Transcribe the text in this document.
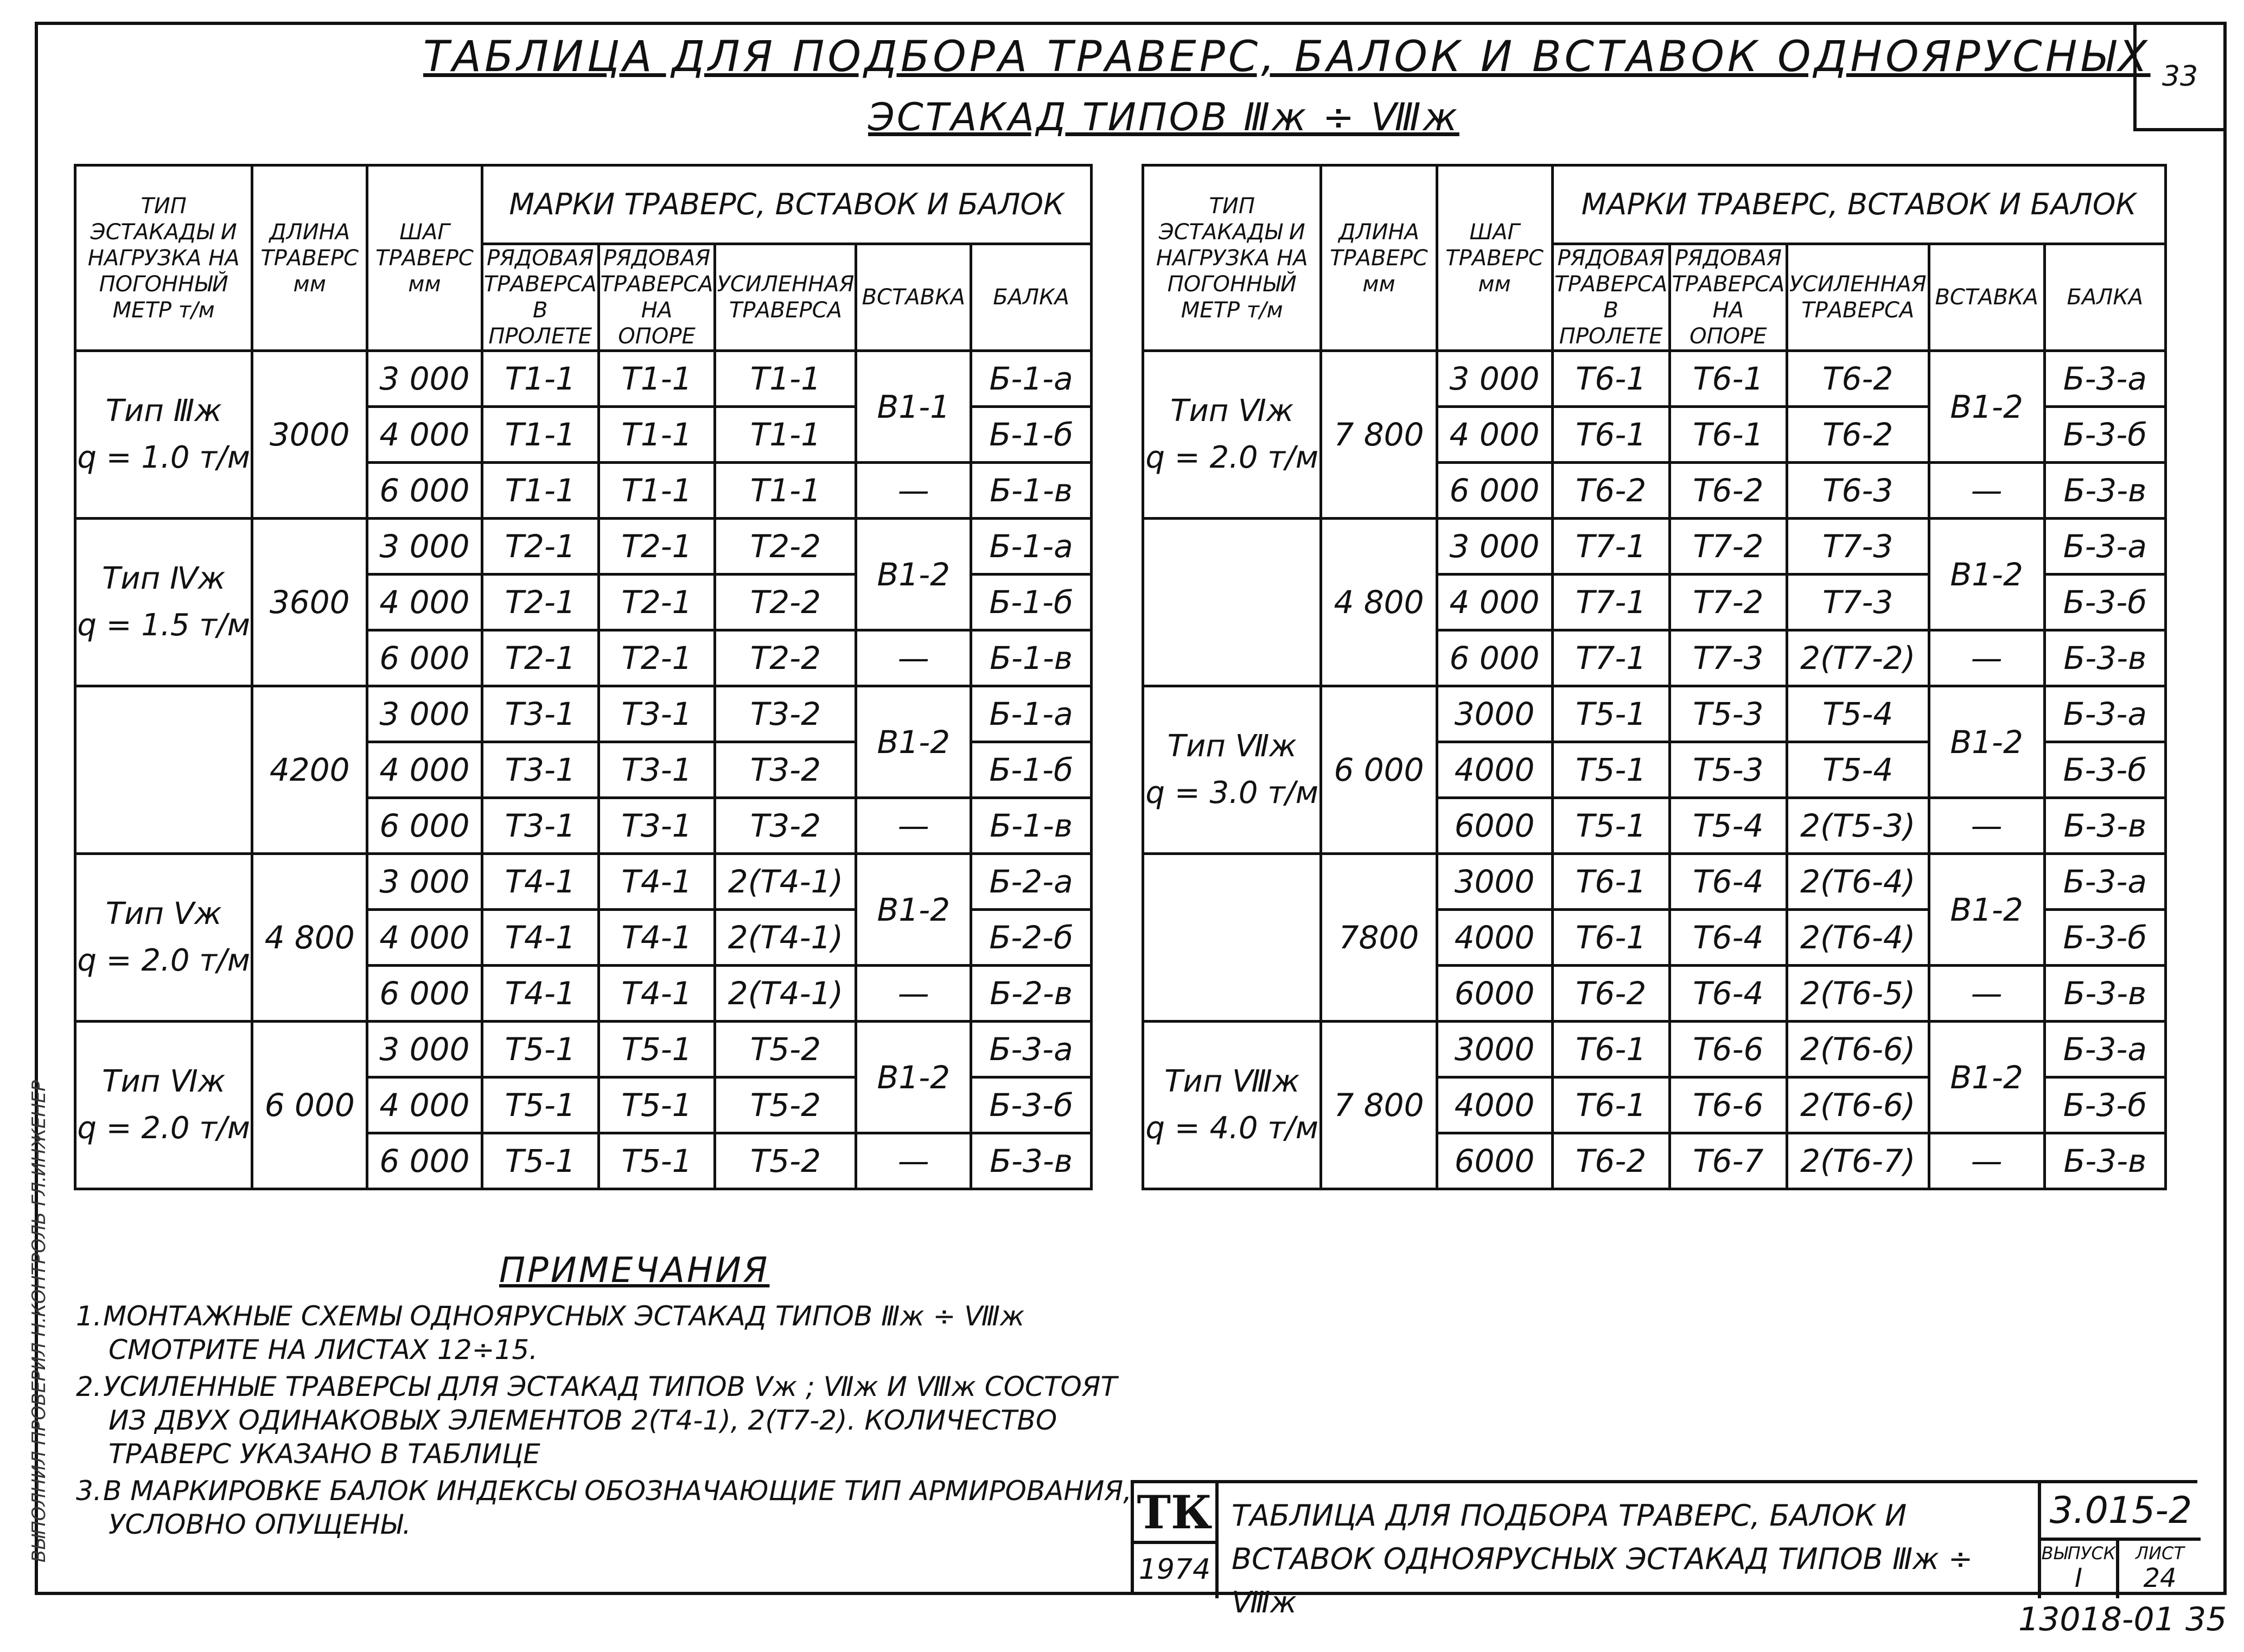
33
ВЫПОЛНИЛ ПРОВЕРИЛ Н.КОНТРОЛЬ ГЛ.ИНЖЕНЕР
ТАБЛИЦА ДЛЯ ПОДБОРА ТРАВЕРС, БАЛОК И ВСТАВОК ОДНОЯРУСНЫХ
ЭСТАКАД ТИПОВ Ⅲж ÷ Ⅷж
ТИП ЭСТАКАДЫ И НАГРУЗКА НА ПОГОННЫЙ МЕТР т/м	ДЛИНА ТРАВЕРС мм	ШАГ ТРАВЕРС мм	МАРКИ ТРАВЕРС, ВСТАВОК И БАЛОК				
			РЯДОВАЯ ТРАВЕРСА В ПРОЛЕТЕ	РЯДОВАЯ ТРАВЕРСА НА ОПОРЕ	УСИЛЕННАЯ ТРАВЕРСА	ВСТАВКА	БАЛКА

Тип Ⅲж
q = 1.0 т/м	3000	3 000	Т1-1	Т1-1	Т1-1	В1-1	Б-1-а
		4 000	Т1-1	Т1-1	Т1-1		Б-1-б
		6 000	Т1-1	Т1-1	Т1-1	—	Б-1-в

Тип Ⅳж
q = 1.5 т/м	3600	3 000	Т2-1	Т2-1	Т2-2	В1-2	Б-1-а
		4 000	Т2-1	Т2-1	Т2-2		Б-1-б
		6 000	Т2-1	Т2-1	Т2-2	—	Б-1-в

	4200	3 000	Т3-1	Т3-1	Т3-2	В1-2	Б-1-а
		4 000	Т3-1	Т3-1	Т3-2		Б-1-б
		6 000	Т3-1	Т3-1	Т3-2	—	Б-1-в

Тип Ⅴж
q = 2.0 т/м	4 800	3 000	Т4-1	Т4-1	2(Т4-1)	В1-2	Б-2-а
		4 000	Т4-1	Т4-1	2(Т4-1)		Б-2-б
		6 000	Т4-1	Т4-1	2(Т4-1)	—	Б-2-в

Тип Ⅵж
q = 2.0 т/м	6 000	3 000	Т5-1	Т5-1	Т5-2	В1-2	Б-3-а
		4 000	Т5-1	Т5-1	Т5-2		Б-3-б
		6 000	Т5-1	Т5-1	Т5-2	—	Б-3-в
ТИП ЭСТАКАДЫ И НАГРУЗКА НА ПОГОННЫЙ МЕТР т/м	ДЛИНА ТРАВЕРС мм	ШАГ ТРАВЕРС мм	МАРКИ ТРАВЕРС, ВСТАВОК И БАЛОК				
			РЯДОВАЯ ТРАВЕРСА В ПРОЛЕТЕ	РЯДОВАЯ ТРАВЕРСА НА ОПОРЕ	УСИЛЕННАЯ ТРАВЕРСА	ВСТАВКА	БАЛКА

Тип Ⅵж
q = 2.0 т/м	7 800	3 000	Т6-1	Т6-1	Т6-2	В1-2	Б-3-а
		4 000	Т6-1	Т6-1	Т6-2		Б-3-б
		6 000	Т6-2	Т6-2	Т6-3	—	Б-3-в

	4 800	3 000	Т7-1	Т7-2	Т7-3	В1-2	Б-3-а
		4 000	Т7-1	Т7-2	Т7-3		Б-3-б
		6 000	Т7-1	Т7-3	2(Т7-2)	—	Б-3-в

Тип Ⅶж
q = 3.0 т/м	6 000	3000	Т5-1	Т5-3	Т5-4	В1-2	Б-3-а
		4000	Т5-1	Т5-3	Т5-4		Б-3-б
		6000	Т5-1	Т5-4	2(Т5-3)	—	Б-3-в

	7800	3000	Т6-1	Т6-4	2(Т6-4)	В1-2	Б-3-а
		4000	Т6-1	Т6-4	2(Т6-4)		Б-3-б
		6000	Т6-2	Т6-4	2(Т6-5)	—	Б-3-в

Тип Ⅷж
q = 4.0 т/м	7 800	3000	Т6-1	Т6-6	2(Т6-6)	В1-2	Б-3-а
		4000	Т6-1	Т6-6	2(Т6-6)		Б-3-б
		6000	Т6-2	Т6-7	2(Т6-7)	—	Б-3-в
ПРИМЕЧАНИЯ
1.МОНТАЖНЫЕ СХЕМЫ ОДНОЯРУСНЫХ ЭСТАКАД ТИПОВ Ⅲж ÷ Ⅷж СМОТРИТЕ НА ЛИСТАХ 12÷15.
2.УСИЛЕННЫЕ ТРАВЕРСЫ ДЛЯ ЭСТАКАД ТИПОВ Ⅴж ; Ⅶж И Ⅷж СОСТОЯТ ИЗ ДВУХ ОДИНАКОВЫХ ЭЛЕМЕНТОВ 2(Т4-1), 2(Т7-2). КОЛИЧЕСТВО ТРАВЕРС УКАЗАНО В ТАБЛИЦЕ
3.В МАРКИРОВКЕ БАЛОК ИНДЕКСЫ ОБОЗНАЧАЮЩИЕ ТИП АРМИРОВАНИЯ, УСЛОВНО ОПУЩЕНЫ.	ТК
1974
ТАБЛИЦА ДЛЯ ПОДБОРА ТРАВЕРС, БАЛОК И ВСТАВОК ОДНОЯРУСНЫХ ЭСТАКАД ТИПОВ Ⅲж ÷ Ⅷж
3.015-2
ВЫПУСК
I
ЛИСТ
24
13018-01 35
